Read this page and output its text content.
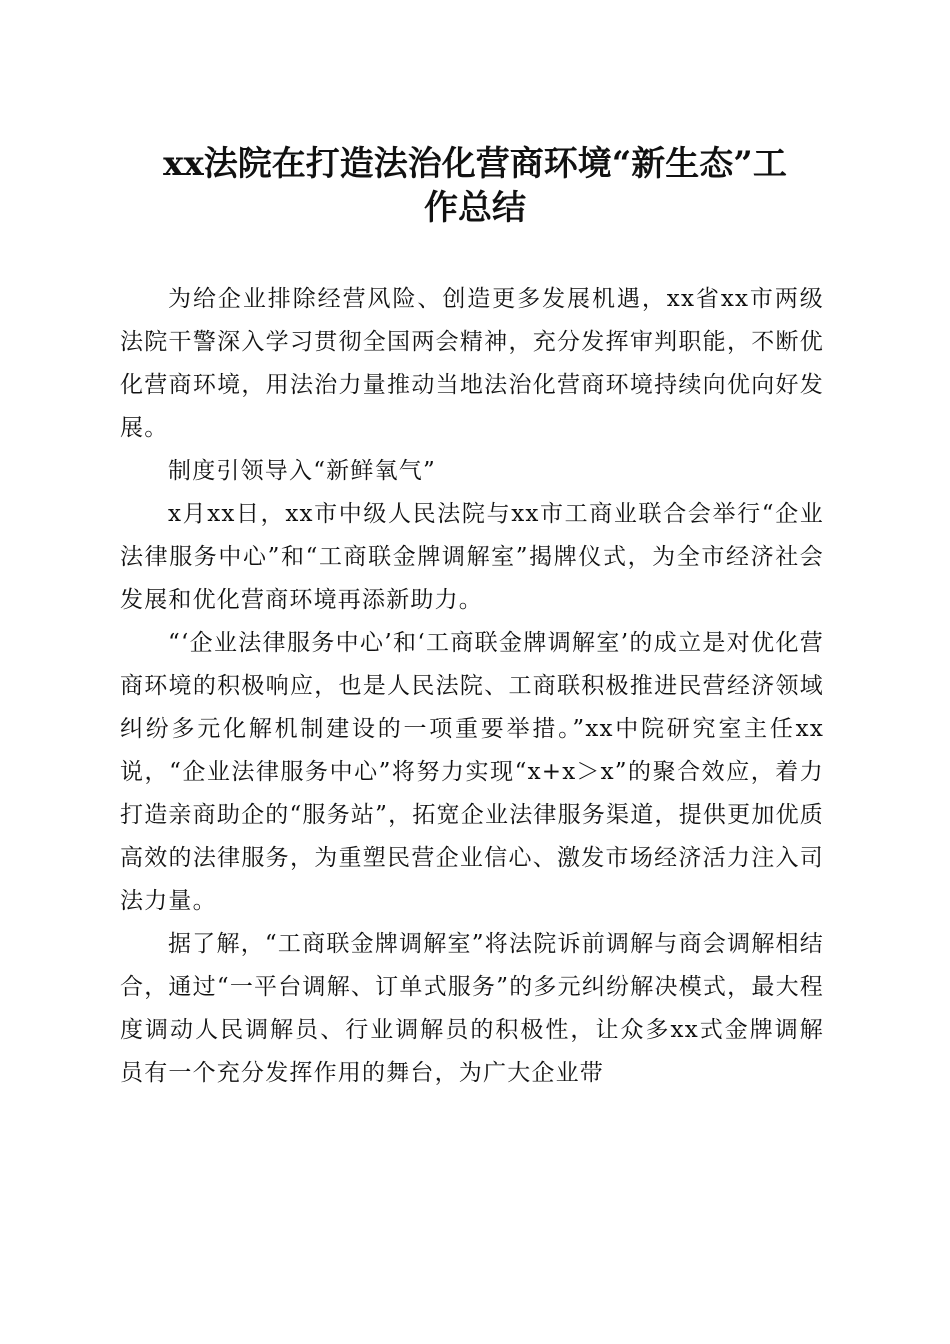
xx法院在打造法治化营商环境“新生态”工
作总结

为给企业排除经营风险、创造更多发展机遇，xx省xx市两级法院干警深入学习贯彻全国两会精神，充分发挥审判职能，不断优化营商环境，用法治力量推动当地法治化营商环境持续向优向好发展。

制度引领导入“新鲜氧气”

x月xx日，xx市中级人民法院与xx市工商业联合会举行“企业法律服务中心”和“工商联金牌调解室”揭牌仪式，为全市经济社会发展和优化营商环境再添新助力。

“‘企业法律服务中心’和‘工商联金牌调解室’的成立是对优化营商环境的积极响应，也是人民法院、工商联积极推进民营经济领域纠纷多元化解机制建设的一项重要举措。”xx中院研究室主任xx说，“企业法律服务中心”将努力实现“x+x＞x”的聚合效应，着力打造亲商助企的“服务站”，拓宽企业法律服务渠道，提供更加优质高效的法律服务，为重塑民营企业信心、激发市场经济活力注入司法力量。

据了解，“工商联金牌调解室”将法院诉前调解与商会调解相结合，通过“一平台调解、订单式服务”的多元纠纷解决模式，最大程度调动人民调解员、行业调解员的积极性，让众多xx式金牌调解员有一个充分发挥作用的舞台，为广大企业带
